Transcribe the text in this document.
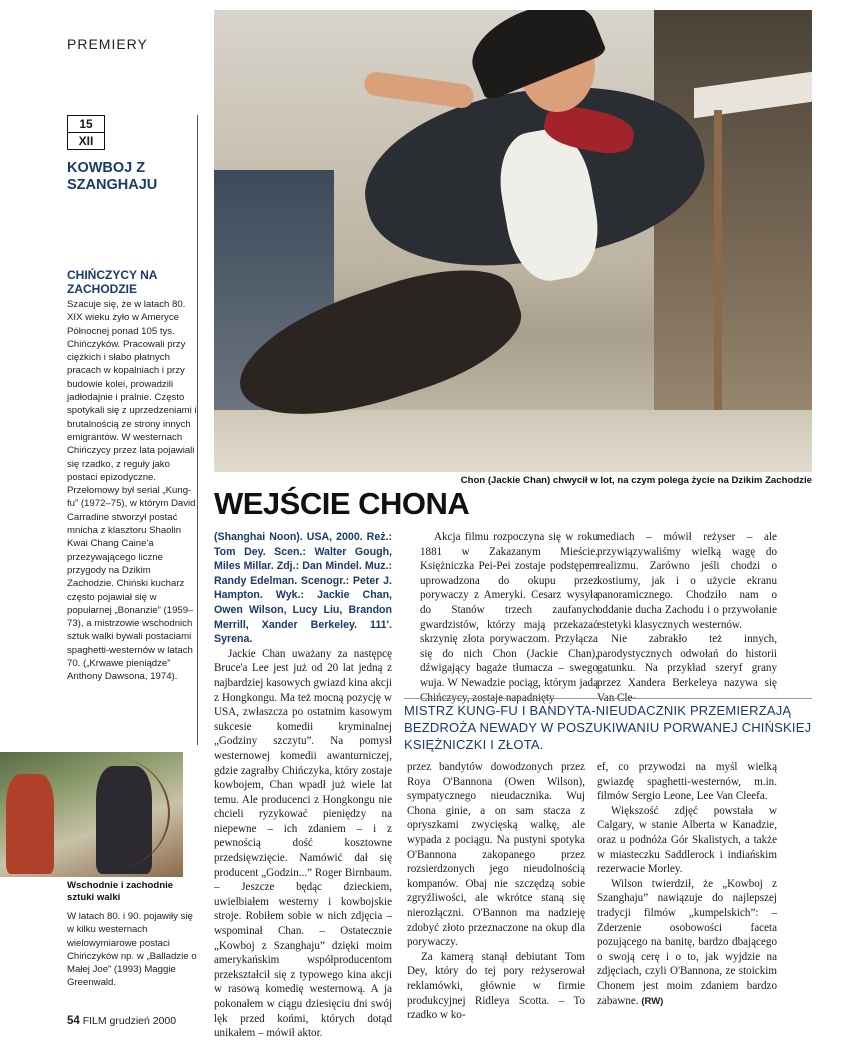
PREMIERY
15
XII
KOWBOJ Z SZANGHAJU
CHIŃCZYCY NA ZACHODZIE
Szacuje się, że w latach 80. XIX wieku żyło w Ameryce Północnej ponad 105 tys. Chińczyków. Pracowali przy ciężkich i słabo płatnych pracach w kopalniach i przy budowie kolei, prowadzili jadłodajnie i pralnie. Często spotykali się z uprzedzeniami i brutalnością ze strony innych emigrantów. W westernach Chińczycy przez lata pojawiali się rzadko, z reguły jako postaci epizodyczne. Przełomowy był serial „Kung-fu” (1972–75), w którym David Carradine stworzył postać mnicha z klasztoru Shaolin Kwai Chang Caine'a przeżywającego liczne przygody na Dzikim Zachodzie. Chiński kucharz często pojawiał się w popularnej „Bonanzie” (1959–73), a mistrzowie wschodnich sztuk walki bywali postaciami spaghetti-westernów w latach 70. („Krwawe pieniądze” Anthony Dawsona, 1974).
Wschodnie i zachodnie sztuki walki
W latach 80. i 90. pojawiły się w kilku westernach wielowymiarowe postaci Chińczyków np. w „Balladzie o Małej Joe” (1993) Maggie Greenwald.
Chon (Jackie Chan) chwycił w lot, na czym polega życie na Dzikim Zachodzie
WEJŚCIE CHONA

(Shanghai Noon). USA, 2000. Reż.: Tom Dey. Scen.: Walter Gough, Miles Millar. Zdj.: Dan Mindel. Muz.: Randy Edelman. Scenogr.: Peter J. Hampton. Wyk.: Jackie Chan, Owen Wilson, Lucy Liu, Brandon Merrill, Xander Berkeley. 111'. Syrena.

Jackie Chan uważany za następcę Bruce'a Lee jest już od 20 lat jedną z najbardziej kasowych gwiazd kina akcji z Hongkongu. Ma też mocną pozycję w USA, zwłaszcza po ostatnim kasowym sukcesie komedii kryminalnej „Godziny szczytu”. Na pomysł westernowej komedii awanturniczej, gdzie zagrałby Chińczyka, który zostaje kowbojem, Chan wpadł już wiele lat temu. Ale producenci z Hongkongu nie chcieli ryzykować pieniędzy na niepewne – ich zdaniem – i z pewnością dość kosztowne przedsięwzięcie. Namówić dał się producent „Godzin...” Roger Birnbaum. – Jeszcze będąc dzieckiem, uwielbiałem westerny i kowbojskie stroje. Robiłem sobie w nich zdjęcia – wspominał Chan. – Ostatecznie „Kowboj z Szanghaju” dzięki moim amerykańskim współproducentom przekształcił się z typowego kina akcji w rasową komedię westernową. A ja pokonałem w ciągu dziesięciu dni swój lęk przed końmi, których dotąd unikałem – mówił aktor.

Akcja filmu rozpoczyna się w roku 1881 w Zakazanym Mieście. Księżniczka Pei-Pei zostaje podstępem uprowadzona do okupu przez porywaczy z Ameryki. Cesarz wysyła do Stanów trzech zaufanych gwardzistów, którzy mają przekazać skrzynię złota porywaczom. Przyłącza się do nich Chon (Jackie Chan), dźwigający bagaże tłumacza – swego wuja. W Newadzie pociąg, którym jadą Chińczycy, zostaje napadnięty

mediach – mówił reżyser – ale przywiązywaliśmy wielką wagę do realizmu. Zarówno jeśli chodzi o kostiumy, jak i o użycie ekranu panoramicznego. Chodziło nam o oddanie ducha Zachodu i o przywołanie estetyki klasycznych westernów.

Nie zabrakło też innych, parodystycznych odwołań do historii gatunku. Na przykład szeryf grany przez Xandera Berkeleya nazywa się Van Cle-

MISTRZ KUNG-FU I BANDYTA-NIEUDACZNIK PRZEMIERZAJĄ BEZDROŻA NEWADY W POSZUKIWANIU PORWANEJ CHIŃSKIEJ KSIĘŻNICZKI I ZŁOTA.

przez bandytów dowodzonych przez Roya O'Bannona (Owen Wilson), sympatycznego nieudacznika. Wuj Chona ginie, a on sam stacza z opryszkami zwycięską walkę, ale wypada z pociągu. Na pustyni spotyka O'Bannona zakopanego przez rozsierdzonych jego nieudolnością kompanów. Obaj nie szczędzą sobie zgryźliwości, ale wkrótce staną się nierozłączni. O'Bannon ma nadzieję zdobyć złoto przeznaczone na okup dla porywaczy.

Za kamerą stanął debiutant Tom Dey, który do tej pory reżyserował reklamówki, głównie w firmie produkcyjnej Ridleya Scotta. – To rzadko w ko-

ef, co przywodzi na myśl wielką gwiazdę spaghetti-westernów, m.in. filmów Sergio Leone, Lee Van Cleefa.

Większość zdjęć powstała w Calgary, w stanie Alberta w Kanadzie, oraz u podnóża Gór Skalistych, a także w miasteczku Saddlerock i indiańskim rezerwacie Morley.

Wilson twierdził, że „Kowboj z Szanghaju” nawiązuje do najlepszej tradycji filmów „kumpelskich”: – Zderzenie osobowości faceta pozującego na banitę, bardzo dbającego o swoją cerę i o to, jak wyjdzie na zdjęciach, czyli O'Bannona, ze stoickim Chonem jest moim zdaniem bardzo zabawne. (RW)

54 FILM grudzień 2000
